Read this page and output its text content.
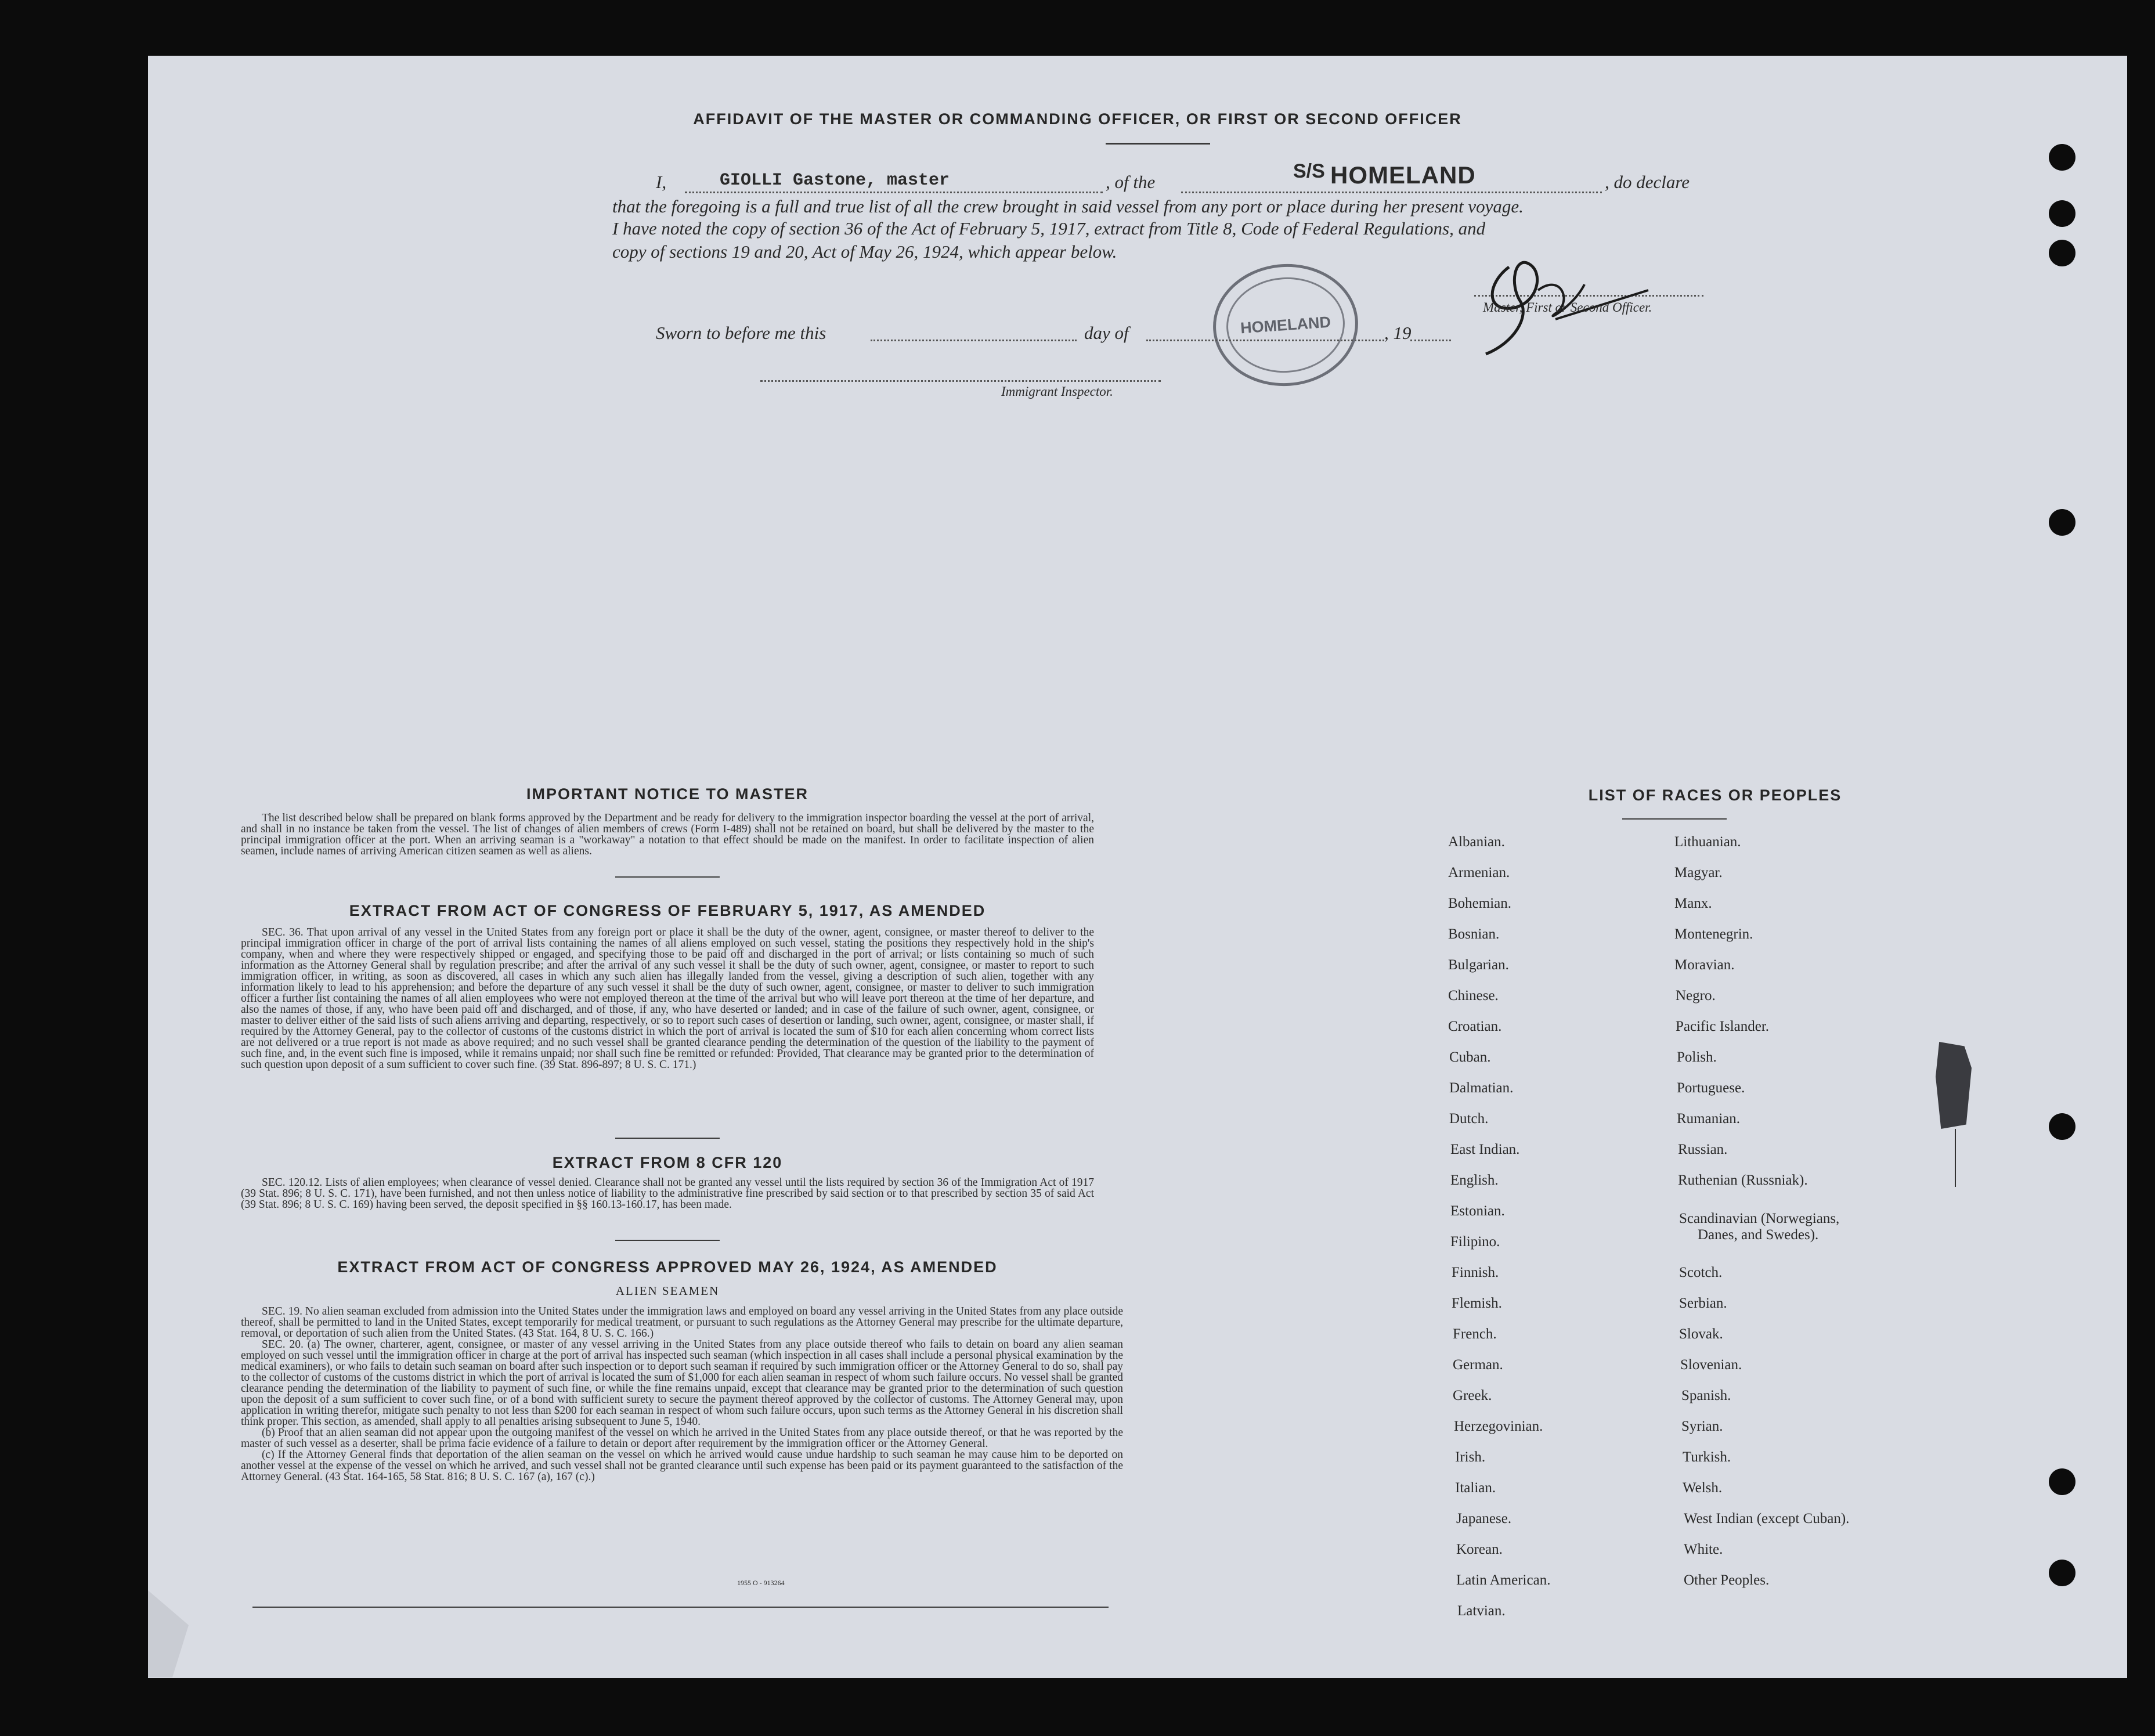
AFFIDAVIT OF THE MASTER OR COMMANDING OFFICER, OR FIRST OR SECOND OFFICER
I,	GIOLLI Gastone, master	, of the	S/S HOMELAND	, do declare
that the foregoing is a full and true list of all the crew brought in said vessel from any port or place during her present voyage.
I have noted the copy of section 36 of the Act of February 5, 1917, extract from Title 8, Code of Federal Regulations, and
copy of sections 19 and 20, Act of May 26, 1924, which appear below.
Master, First or Second Officer.
HOMELAND
Sworn to before me this	day of	, 19
Immigrant Inspector.
IMPORTANT NOTICE TO MASTER

The list described below shall be prepared on blank forms approved by the Department and be ready for delivery to the immigration inspector boarding the vessel at the port of arrival, and shall in no instance be taken from the vessel. The list of changes of alien members of crews (Form I-489) shall not be retained on board, but shall be delivered by the master to the principal immigration officer at the port. When an arriving seaman is a "workaway" a notation to that effect should be made on the manifest. In order to facilitate inspection of alien seamen, include names of arriving American citizen seamen as well as aliens.

EXTRACT FROM ACT OF CONGRESS OF FEBRUARY 5, 1917, AS AMENDED

SEC. 36. That upon arrival of any vessel in the United States from any foreign port or place it shall be the duty of the owner, agent, consignee, or master thereof to deliver to the principal immigration officer in charge of the port of arrival lists containing the names of all aliens employed on such vessel, stating the positions they respectively hold in the ship's company, when and where they were respectively shipped or engaged, and specifying those to be paid off and discharged in the port of arrival; or lists containing so much of such information as the Attorney General shall by regulation prescribe; and after the arrival of any such vessel it shall be the duty of such owner, agent, consignee, or master to report to such immigration officer, in writing, as soon as discovered, all cases in which any such alien has illegally landed from the vessel, giving a description of such alien, together with any information likely to lead to his apprehension; and before the departure of any such vessel it shall be the duty of such owner, agent, consignee, or master to deliver to such immigration officer a further list containing the names of all alien employees who were not employed thereon at the time of the arrival but who will leave port thereon at the time of her departure, and also the names of those, if any, who have been paid off and discharged, and of those, if any, who have deserted or landed; and in case of the failure of such owner, agent, consignee, or master to deliver either of the said lists of such aliens arriving and departing, respectively, or so to report such cases of desertion or landing, such owner, agent, consignee, or master shall, if required by the Attorney General, pay to the collector of customs of the customs district in which the port of arrival is located the sum of $10 for each alien concerning whom correct lists are not delivered or a true report is not made as above required; and no such vessel shall be granted clearance pending the determination of the question of the liability to the payment of such fine, and, in the event such fine is imposed, while it remains unpaid; nor shall such fine be remitted or refunded: Provided, That clearance may be granted prior to the determination of such question upon deposit of a sum sufficient to cover such fine. (39 Stat. 896-897; 8 U. S. C. 171.)

EXTRACT FROM 8 CFR 120

SEC. 120.12. Lists of alien employees; when clearance of vessel denied. Clearance shall not be granted any vessel until the lists required by section 36 of the Immigration Act of 1917 (39 Stat. 896; 8 U. S. C. 171), have been furnished, and not then unless notice of liability to the administrative fine prescribed by said section or to that prescribed by section 35 of said Act (39 Stat. 896; 8 U. S. C. 169) having been served, the deposit specified in §§ 160.13-160.17, has been made.

EXTRACT FROM ACT OF CONGRESS APPROVED MAY 26, 1924, AS AMENDED
ALIEN SEAMEN

SEC. 19. No alien seaman excluded from admission into the United States under the immigration laws and employed on board any vessel arriving in the United States from any place outside thereof, shall be permitted to land in the United States, except temporarily for medical treatment, or pursuant to such regulations as the Attorney General may prescribe for the ultimate departure, removal, or deportation of such alien from the United States. (43 Stat. 164, 8 U. S. C. 166.)

SEC. 20. (a) The owner, charterer, agent, consignee, or master of any vessel arriving in the United States from any place outside thereof who fails to detain on board any alien seaman employed on such vessel until the immigration officer in charge at the port of arrival has inspected such seaman (which inspection in all cases shall include a personal physical examination by the medical examiners), or who fails to detain such seaman on board after such inspection or to deport such seaman if required by such immigration officer or the Attorney General to do so, shall pay to the collector of customs of the customs district in which the port of arrival is located the sum of $1,000 for each alien seaman in respect of whom such failure occurs. No vessel shall be granted clearance pending the determination of the liability to payment of such fine, or while the fine remains unpaid, except that clearance may be granted prior to the determination of such question upon the deposit of a sum sufficient to cover such fine, or of a bond with sufficient surety to secure the payment thereof approved by the collector of customs. The Attorney General may, upon application in writing therefor, mitigate such penalty to not less than $200 for each seaman in respect of whom such failure occurs, upon such terms as the Attorney General in his discretion shall think proper. This section, as amended, shall apply to all penalties arising subsequent to June 5, 1940.

(b) Proof that an alien seaman did not appear upon the outgoing manifest of the vessel on which he arrived in the United States from any place outside thereof, or that he was reported by the master of such vessel as a deserter, shall be prima facie evidence of a failure to detain or deport after requirement by the immigration officer or the Attorney General.

(c) If the Attorney General finds that deportation of the alien seaman on the vessel on which he arrived would cause undue hardship to such seaman he may cause him to be deported on another vessel at the expense of the vessel on which he arrived, and such vessel shall not be granted clearance until such expense has been paid or its payment guaranteed to the satisfaction of the Attorney General. (43 Stat. 164-165, 58 Stat. 816; 8 U. S. C. 167 (a), 167 (c).)

1955 O - 913264
LIST OF RACES OR PEOPLES
Albanian.
Armenian.
Bohemian.
Bosnian.
Bulgarian.
Chinese.
Croatian.
Cuban.
Dalmatian.
Dutch.
East Indian.
English.
Estonian.
Filipino.
Finnish.
Flemish.
French.
German.
Greek.
Herzegovinian.
Irish.
Italian.
Japanese.
Korean.
Latin American.
Latvian.
Lithuanian.
Magyar.
Manx.
Montenegrin.
Moravian.
Negro.
Pacific Islander.
Polish.
Portuguese.
Rumanian.
Russian.
Ruthenian (Russniak).
Scandinavian (Norwegians,
Danes, and Swedes).
Scotch.
Serbian.
Slovak.
Slovenian.
Spanish.
Syrian.
Turkish.
Welsh.
West Indian (except Cuban).
White.
Other Peoples.
